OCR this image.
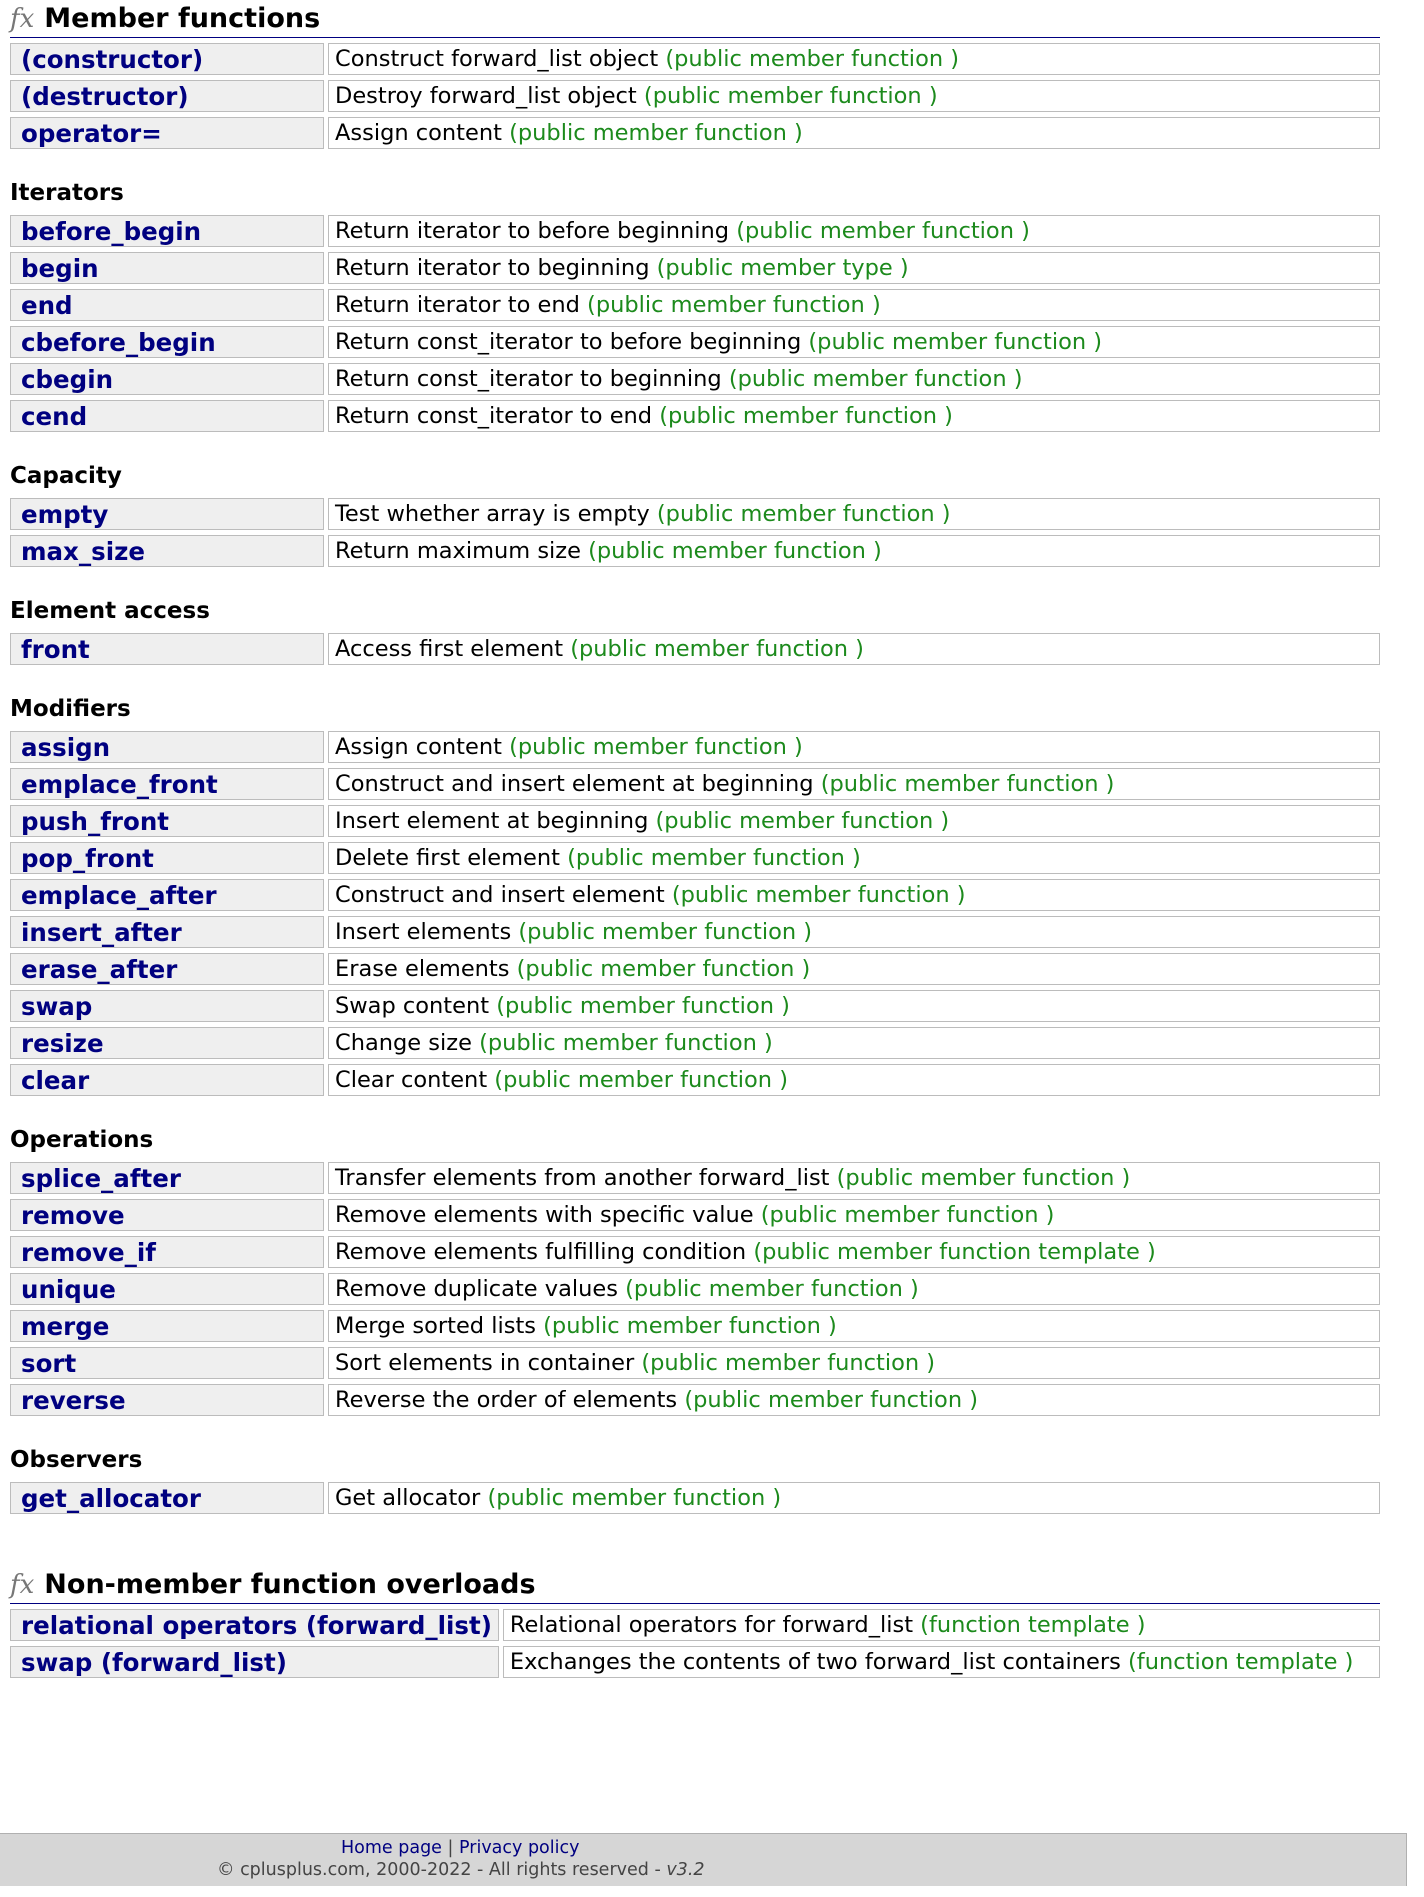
fx Member functions
(constructor)	Construct forward_list object (public member function )
(destructor)	Destroy forward_list object (public member function )
operator=	Assign content (public member function )
Iterators
before_begin	Return iterator to before beginning (public member function )
begin	Return iterator to beginning (public member type )
end	Return iterator to end (public member function )
cbefore_begin	Return const_iterator to before beginning (public member function )
cbegin	Return const_iterator to beginning (public member function )
cend	Return const_iterator to end (public member function )
Capacity
empty	Test whether array is empty (public member function )
max_size	Return maximum size (public member function )
Element access
front	Access first element (public member function )
Modifiers
assign	Assign content (public member function )
emplace_front	Construct and insert element at beginning (public member function )
push_front	Insert element at beginning (public member function )
pop_front	Delete first element (public member function )
emplace_after	Construct and insert element (public member function )
insert_after	Insert elements (public member function )
erase_after	Erase elements (public member function )
swap	Swap content (public member function )
resize	Change size (public member function )
clear	Clear content (public member function )
Operations
splice_after	Transfer elements from another forward_list (public member function )
remove	Remove elements with specific value (public member function )
remove_if	Remove elements fulfilling condition (public member function template )
unique	Remove duplicate values (public member function )
merge	Merge sorted lists (public member function )
sort	Sort elements in container (public member function )
reverse	Reverse the order of elements (public member function )
Observers
get_allocator	Get allocator (public member function )
fx Non-member function overloads
relational operators (forward_list)	Relational operators for forward_list (function template )
swap (forward_list)	Exchanges the contents of two forward_list containers (function template )
Home page | Privacy policy
© cplusplus.com, 2000-2022 - All rights reserved - v3.2
